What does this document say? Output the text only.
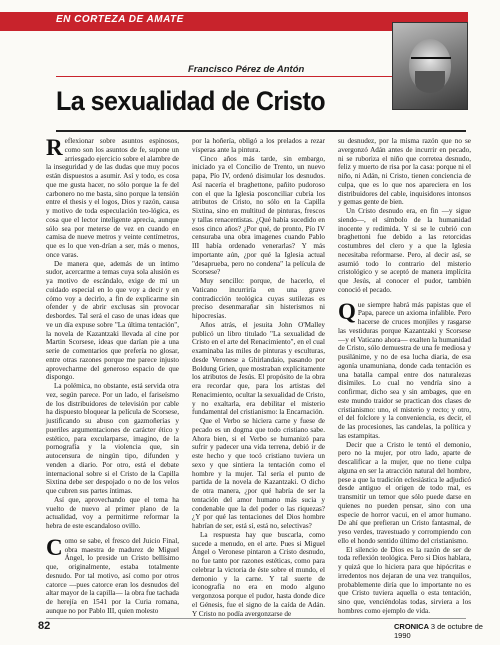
EN CORTEZA DE AMATE
Francisco Pérez de Antón
La sexualidad de Cristo

Reflexionar sobre asuntos espinosos, como son los asuntos de fe, supone un arriesgado ejercicio sobre el alambre de la inseguridad y de las dudas que muy pocos están dispuestos a asumir. Así y todo, es cosa que me gusta hacer, no sólo porque la fe del carbonero no me basta, sino porque la tensión entre el thesis y el logos, Dios y razón, causa y motivo de toda especulación teo-lógica, es cosa que el lector inteligente aprecia, aunque sólo sea por meterse de vez en cuando en camisa de nueve metros y veinte centímetros, que es lo que ven-drían a ser, más o menos, once varas.

De manera que, además de un íntimo sudor, acercarme a temas cuya sola alusión es ya motivo de escándalo, exige de mí un cuidado especial en lo que voy a decir y en cómo voy a decirlo, a fin de explicarme sin ofender y de abrir exclusas sin provocar desbordes. Tal será el caso de unas ideas que ve un día expuse sobre "La última tentación", la novela de Kazantzaki llevada al cine por Martin Scorsese, ideas que darían pie a una serie de comentarios que prefería no glosar, entre otras razones porque me parece injusto aprovecharme del generoso espacio de que dispongo.

La polémica, no obstante, está servida otra vez, según parece. Por un lado, el fariseísmo de los distribuidores de televisión por cable ha dispuesto bloquear la película de Scorsese, justificando su abuso con gazmoñerías y pueriles argumentaciones de carácter ético y estético, para excularparse, imagino, de la pornografía y la violencia que, sin autocensura de ningún tipo, difunden y venden a diario. Por otro, está el debate internacional sobre si el Cristo de la Capilla Sixtina debe ser despojado o no de los velos que cubren sus partes íntimas.

Así que, aprovechando que el tema ha vuelto de nuevo al primer plano de la actualidad, voy a permitirme reformar la hebra de este escandaloso ovillo.

Como se sabe, el fresco del Juicio Final, obra maestra de madurez de Miguel Ángel, lo preside un Cristo bellísimo que, originalmente, estaba totalmente desnudo. Por tal motivo, así como por otros catorce —pues catorce eran los desnudos del altar mayor de la capilla— la obra fue tachada de herejía en 1541 por la Curia romana, aunque no por Pablo III, quien molesto

por la hoñería, obligó a los prelados a rezar vísperas ante la pintura.

Cinco años más tarde, sin embargo, iniciado ya el Concilio de Trento, un nuevo papa, Pío IV, ordenó disimular los desnudos. Así nacería el braghettone, pañito pudoroso con el que la Iglesia posconciliar cubría los atributos de Cristo, no sólo en la Capilla Sixtina, sino en multitud de pinturas, frescos y tallas renacentistas. ¿Qué había sucedido en esos cinco años? ¿Por qué, de pronto, Pío IV censuraba una obra imagenes cuando Pablo III había ordenado venerarlas? Y más importante aún, ¿por qué la Iglesia actual "desaprueba, pero no condena" la película de Scorsese?

Muy sencillo: porque, de hacerlo, el Vaticano incurriría en una grave contradicción teológica cuyas sutilezas es preciso desenmarañar sin histerismos ni hipocresías.

Años atrás, el jesuita John O'Malley publicó un libro titulado "La sexualidad de Cristo en el arte del Renacimiento", en el cual examinaba las miles de pinturas y esculturas, desde Veronese a Ghirlandaio, pasando por Boldung Grien, que mostraban explícitamente los atributos de Jesús. El propósito de la obra era recordar que, para los artistas del Renacimiento, ocultar la sexualidad de Cristo, y no exaltarla, era debilitar el misterio fundamental del cristianismo: la Encarnación.

Que el Verbo se hiciera carne y fuese de pecado es un dogma que todo cristiano sabe. Ahora bien, si el Verbo se humanizó para sufrir y padecer una vida terrena, debió ir de este hecho y que tocó cristiano tuviera un sexo y que sintiera la tentación como el hombre y la mujer. Tal sería el punto de partida de la novela de Kazantzaki. O dicho de otra manera, ¿por qué habría de ser la tentación del amor humano más sucia y condenable que la del poder o las riquezas? ¿Y por qué las tentaciones del Dios hombre habrían de ser, está sí, está no, selectivas?

La respuesta hay que buscarla, como sucede a menudo, en el arte. Pues si Miguel Ángel o Veronese pintaron a Cristo desnudo, no fue tanto por razones estéticas, como para celebrar la victoria de éste sobre el mundo, el demonio y la carne. Y tal suerte de iconografía no era en modo alguno vergonzosa porque el pudor, hasta donde dice el Génesis, fue el signo de la caída de Adán. Y Cristo no podía avergonzarse de

su desnudez, por la misma razón que no se avergonzó Adán antes de incurrir en pecado, ni se ruboriza el niño que corretea desnudo, feliz y muerto de risa por la casa: porque ni el niño, ni Adán, ni Cristo, tienen conciencia de culpa, que es lo que nos apareciera en los distribuidores del cable, inquisidores intonsos y gemas gente de bien.

Un Cristo desnudo era, en fin —y sigue siendo—, el símbolo de la humanidad inocente y redimida. Y si se le cubrió con braghettoni fue debido a las retorcidas costumbres del clero y a que la Iglesia necesitaba reformarse. Pero, al decir así, se asumió todo lo contrario del misterio cristológico y se aceptó de manera implícita que Jesús, al conocer el pudor, también conoció el pecado.

Que siempre habrá más papistas que el Papa, parece un axioma infalible. Pero hacerse de cruces monjiles y rasgarse las vestiduras porque Kazantzaki y Scorsese —y el Vaticano ahora— exalten la humanidad de Cristo, sólo demuestra de una fe mediosa y pusilánime, y no de esa lucha diaria, de esa agonía unamuniana, donde cada tentación es una batalla campal entre dos naturalezas disímiles. Lo cual no vendría sino a confirmar, dicho sea y sin ambages, que en este mundo traidor se practican dos clases de cristianismo: uno, el misterio y recto; y otro, el del folclore y la conveniencia, es decir, el de las procesiones, las candelas, la política y las estampitas.

Decir que a Cristo le tentó el demonio, pero no la mujer, por otro lado, aparte de descalificar a la mujer, que no tiene culpa alguna en ser la atracción natural del hombre, pese a que la tradición eclesiástica le adjudicó desde antiguo el origen de todo mal, es transmitir un temor que sólo puede darse en quienes no pueden pensar, sino con una especie de horror vacui, en el amor humano. De ahí que prefieran un Cristo fantasmal, de yeso verdes, travestuado y corrompiendo con ello el hondo sentido último del cristianismo.

El silencio de Dios es la razón de ser de toda reflexión teológica. Pero si Dios hablara, y quizá que lo hiciera para que hipócritas e irredentos nos dejaran de una vez tranquilos, probablemente diría que lo importante no es que Cristo tuviera aquella o esta tentación, sino que, venciéndolas todas, sirviera a los hombres como ejemplo de vida.

82	CRONICA 3 de octubre de 1990
